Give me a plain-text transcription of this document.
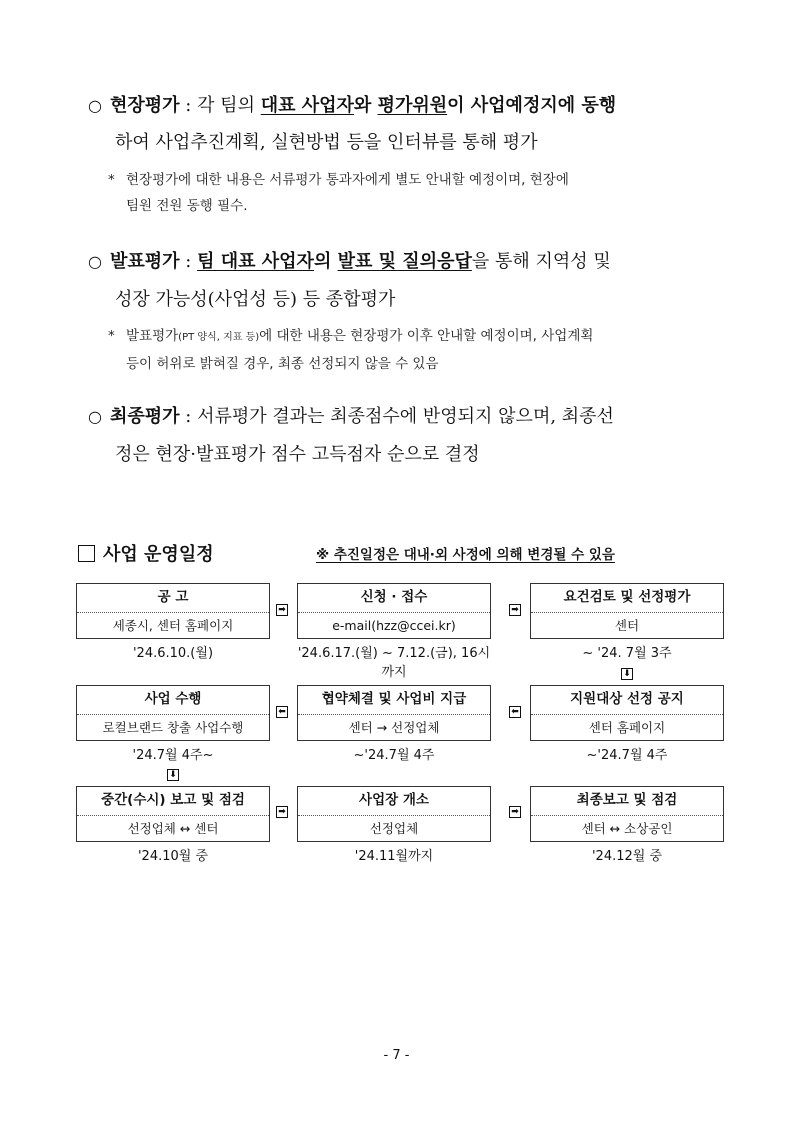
○ 현장평가 : 각 팀의 대표 사업자와 평가위원이 사업예정지에 동행
하여 사업추진계획, 실현방법 등을 인터뷰를 통해 평가
* 현장평가에 대한 내용은 서류평가 통과자에게 별도 안내할 예정이며, 현장에
팀원 전원 동행 필수.
○ 발표평가 : 팀 대표 사업자의 발표 및 질의응답을 통해 지역성 및
성장 가능성(사업성 등) 등 종합평가
* 발표평가(PT 양식, 지표 등)에 대한 내용은 현장평가 이후 안내할 예정이며, 사업계획
등이 허위로 밝혀질 경우, 최종 선정되지 않을 수 있음
○ 최종평가 : 서류평가 결과는 최종점수에 반영되지 않으며, 최종선
정은 현장·발표평가 점수 고득점자 순으로 결정
사업 운영일정	※ 추진일정은 대내·외 사정에 의해 변경될 수 있음
공 고
세종시, 센터 홈페이지
'24.6.10.(월)
➡
신청 · 접수
e-mail(hzz@ccei.kr)
'24.6.17.(월) ~ 7.12.(금), 16시까지
➡
요건검토 및 선정평가
센터
~ '24. 7월 3주
⬇
지원대상 선정 공지
센터 홈페이지
~'24.7월 4주
⬅
협약체결 및 사업비 지급
센터 → 선정업체
~'24.7월 4주
⬅
사업 수행
로컬브랜드 창출 사업수행
'24.7월 4주~
⬇
중간(수시) 보고 및 점검
선정업체 ↔ 센터
'24.10월 중
➡
사업장 개소
선정업체
'24.11월까지
➡
최종보고 및 점검
센터 ↔ 소상공인
'24.12월 중
- 7 -
